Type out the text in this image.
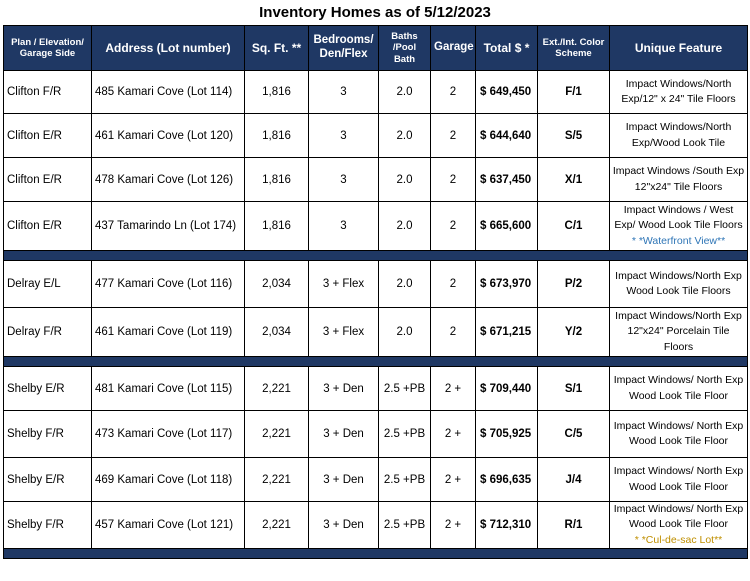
Inventory Homes as of 5/12/2023
Plan / Elevation/ Garage Side	Address (Lot number)	Sq. Ft. **	Bedrooms/ Den/Flex	Baths /Pool Bath	Garage	Total $ *	Ext./Int. Color Scheme	Unique Feature
Clifton F/R	485 Kamari Cove (Lot 114)	1,816	3	2.0	2	$ 649,450	F/1	Impact Windows/North Exp/12" x 24" Tile Floors
Clifton E/R	461 Kamari Cove (Lot 120)	1,816	3	2.0	2	$ 644,640	S/5	Impact Windows/North Exp/Wood Look Tile
Clifton E/R	478 Kamari Cove (Lot 126)	1,816	3	2.0	2	$ 637,450	X/1	Impact Windows /South Exp 12"x24" Tile Floors
Clifton E/R	437 Tamarindo Ln (Lot 174)	1,816	3	2.0	2	$ 665,600	C/1	Impact Windows / West Exp/ Wood Look Tile Floors
* *Waterfront View**

Delray E/L	477 Kamari Cove (Lot 116)	2,034	3 + Flex	2.0	2	$ 673,970	P/2	Impact Windows/North Exp Wood Look Tile Floors
Delray F/R	461 Kamari Cove (Lot 119)	2,034	3 + Flex	2.0	2	$ 671,215	Y/2	Impact Windows/North Exp 12"x24" Porcelain Tile Floors

Shelby E/R	481 Kamari Cove (Lot 115)	2,221	3 + Den	2.5 +PB	2 +	$ 709,440	S/1	Impact Windows/ North Exp Wood Look Tile Floor
Shelby F/R	473 Kamari Cove (Lot 117)	2,221	3 + Den	2.5 +PB	2 +	$ 705,925	C/5	Impact Windows/ North Exp Wood Look Tile Floor
Shelby E/R	469 Kamari Cove (Lot 118)	2,221	3 + Den	2.5 +PB	2 +	$ 696,635	J/4	Impact Windows/ North Exp Wood Look Tile Floor
Shelby F/R	457 Kamari Cove (Lot 121)	2,221	3 + Den	2.5 +PB	2 +	$ 712,310	R/1	Impact Windows/ North Exp Wood Look Tile Floor
* *Cul-de-sac Lot**
